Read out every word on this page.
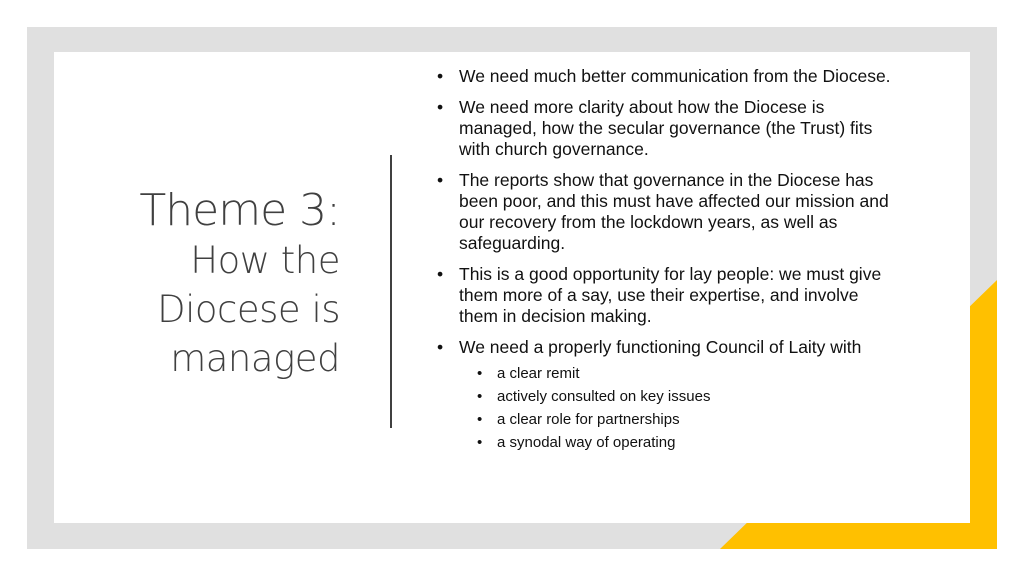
Theme 3:
How the
Diocese is
managed
• We need much better communication from the Diocese.
• We need more clarity about how the Diocese is managed, how the secular governance (the Trust) fits with church governance.
• The reports show that governance in the Diocese has been poor, and this must have affected our mission and our recovery from the lockdown years, as well as safeguarding.
• This is a good opportunity for lay people: we must give them more of a say, use their expertise, and involve them in decision making.
• We need a properly functioning Council of Laity with
• a clear remit
• actively consulted on key issues
• a clear role for partnerships
• a synodal way of operating
